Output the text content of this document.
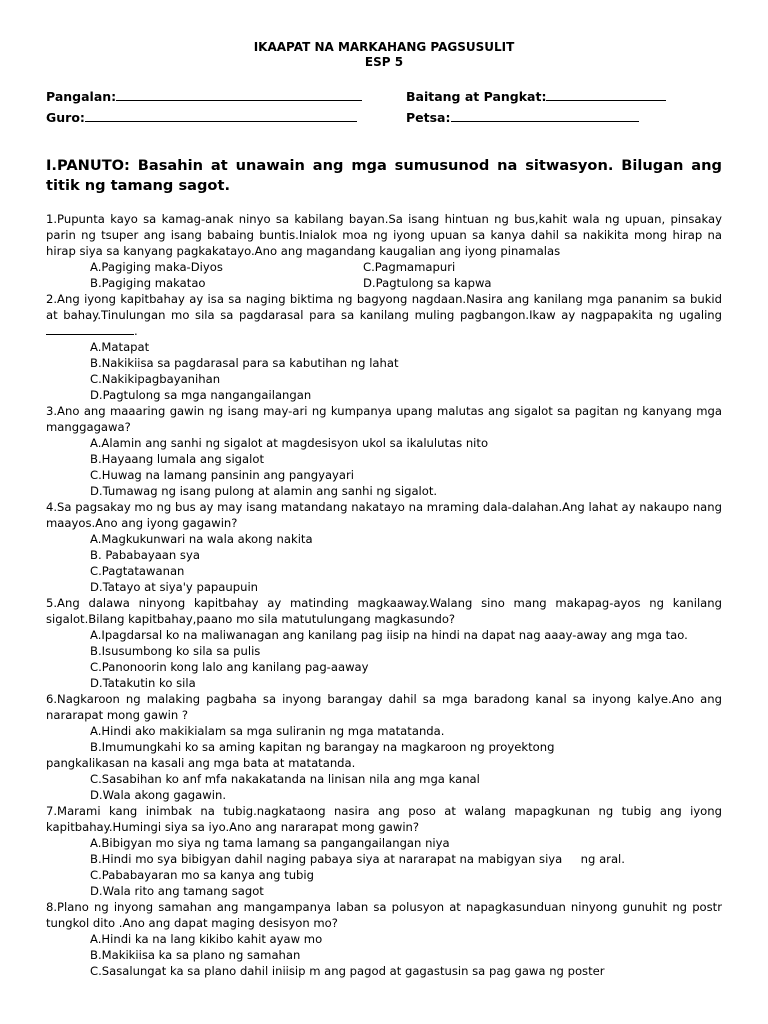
IKAAPAT NA MARKAHANG PAGSUSULIT
ESP 5
Pangalan:	Baitang at Pangkat:
Guro:	Petsa:
I.PANUTO: Basahin at unawain ang mga sumusunod na sitwasyon. Bilugan ang titik ng tamang sagot.
1.Pupunta kayo sa kamag-anak ninyo sa kabilang bayan.Sa isang hintuan ng bus,kahit wala ng upuan, pinsakay parin ng tsuper ang isang babaing buntis.Inialok moa ng iyong upuan sa kanya dahil sa nakikita mong hirap na hirap siya sa kanyang pagkakatayo.Ano ang magandang kaugalian ang iyong pinamalas
A.Pagiging maka-Diyos	C.Pagmamapuri
B.Pagiging makatao	D.Pagtulong sa kapwa
2.Ang iyong kapitbahay ay isa sa naging biktima ng bagyong nagdaan.Nasira ang kanilang mga pananim sa bukid at bahay.Tinulungan mo sila sa pagdarasal para sa kanilang muling pagbangon.Ikaw ay nagpapakita ng ugaling.
A.Matapat
B.Nakikiisa sa pagdarasal para sa kabutihan ng lahat
C.Nakikipagbayanihan
D.Pagtulong sa mga nangangailangan
3.Ano ang maaaring gawin ng isang may-ari ng kumpanya upang malutas ang sigalot sa pagitan ng kanyang mga manggagawa?
A.Alamin ang sanhi ng sigalot at magdesisyon ukol sa ikalulutas nito
B.Hayaang lumala ang sigalot
C.Huwag na lamang pansinin ang pangyayari
D.Tumawag ng isang pulong at alamin ang sanhi ng sigalot.
4.Sa pagsakay mo ng bus ay may isang matandang nakatayo na mraming dala-dalahan.Ang lahat ay nakaupo nang maayos.Ano ang iyong gagawin?
A.Magkukunwari na wala akong nakita
B. Pababayaan sya
C.Pagtatawanan
D.Tatayo at siya'y papaupuin
5.Ang dalawa ninyong kapitbahay ay matinding magkaaway.Walang sino mang makapag-ayos ng kanilang sigalot.Bilang kapitbahay,paano mo sila matutulungang magkasundo?
A.Ipagdarsal ko na maliwanagan ang kanilang pag iisip na hindi na dapat nag aaay-away ang mga tao.
B.Isusumbong ko sila sa pulis
C.Panonoorin kong lalo ang kanilang pag-aaway
D.Tatakutin ko sila
6.Nagkaroon ng malaking pagbaha sa inyong barangay dahil sa mga baradong kanal sa inyong kalye.Ano ang nararapat mong gawin ?
A.Hindi ako makikialam sa mga suliranin ng mga matatanda.
B.Imumungkahi ko sa aming kapitan ng barangay na magkaroon ng proyektong
pangkalikasan na kasali ang mga bata at matatanda.
C.Sasabihan ko anf mfa nakakatanda na linisan nila ang mga kanal
D.Wala akong gagawin.
7.Marami kang inimbak na tubig.nagkataong nasira ang poso at walang mapagkunan ng tubig ang iyong kapitbahay.Humingi siya sa iyo.Ano ang nararapat mong gawin?
A.Bibigyan mo siya ng tama lamang sa pangangailangan niya
B.Hindi mo sya bibigyan dahil naging pabaya siya at nararapat na mabigyan siya     ng aral.
C.Pababayaran mo sa kanya ang tubig
D.Wala rito ang tamang sagot
8.Plano ng inyong samahan ang mangampanya laban sa polusyon at napagkasunduan ninyong gunuhit ng postr tungkol dito .Ano ang dapat maging desisyon mo?
A.Hindi ka na lang kikibo kahit ayaw mo
B.Makikiisa ka sa plano ng samahan
C.Sasalungat ka sa plano dahil iniisip m ang pagod at gagastusin sa pag gawa ng poster
